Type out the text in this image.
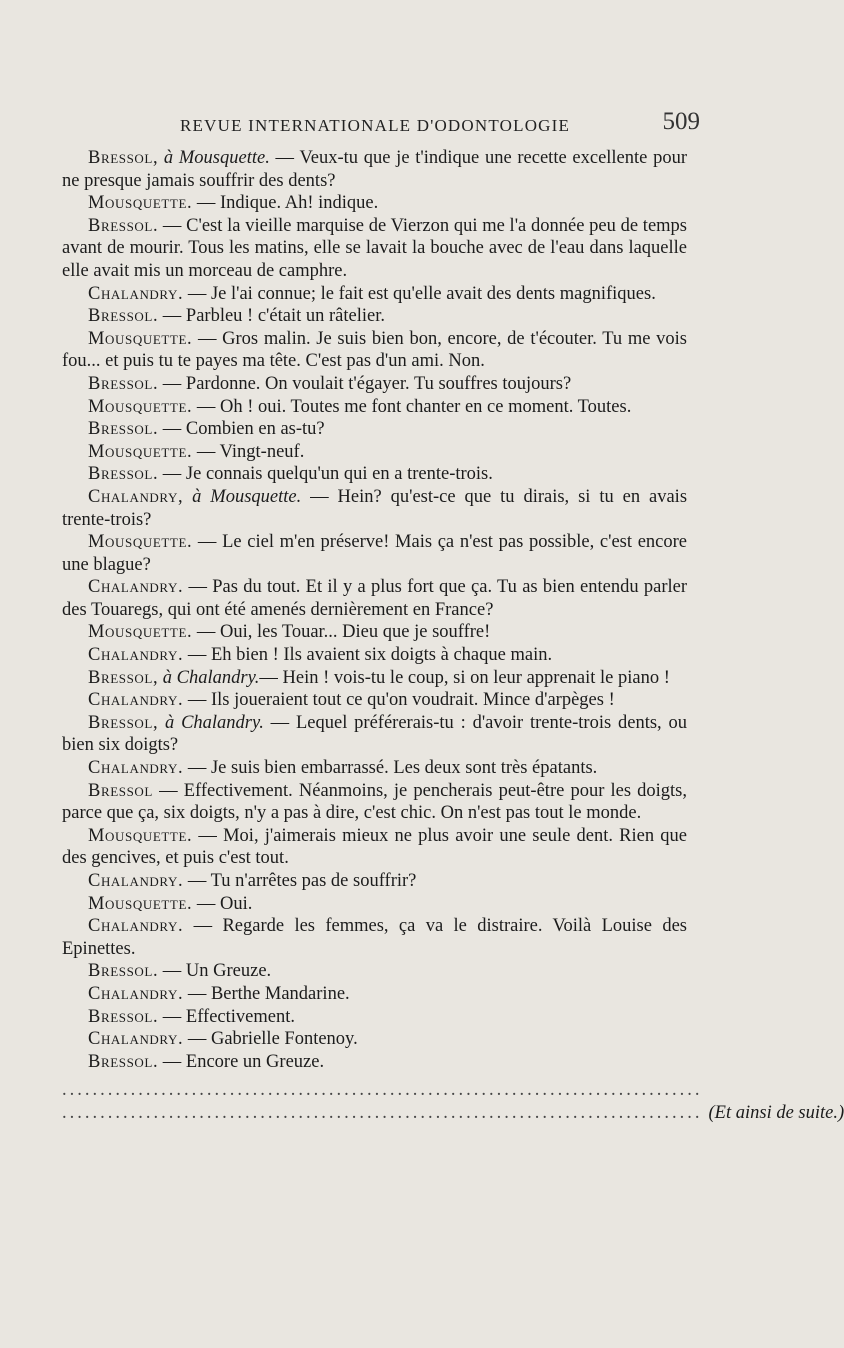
REVUE INTERNATIONALE D'ODONTOLOGIE	509

Bressol, à Mousquette. — Veux-tu que je t'indique une recette excellente pour ne presque jamais souffrir des dents?

Mousquette. — Indique. Ah! indique.

Bressol. — C'est la vieille marquise de Vierzon qui me l'a donnée peu de temps avant de mourir. Tous les matins, elle se lavait la bouche avec de l'eau dans laquelle elle avait mis un morceau de camphre.

Chalandry. — Je l'ai connue; le fait est qu'elle avait des dents magnifiques.

Bressol. — Parbleu ! c'était un râtelier.

Mousquette. — Gros malin. Je suis bien bon, encore, de t'écouter. Tu me vois fou... et puis tu te payes ma tête. C'est pas d'un ami. Non.

Bressol. — Pardonne. On voulait t'égayer. Tu souffres toujours?

Mousquette. — Oh ! oui. Toutes me font chanter en ce moment. Toutes.

Bressol. — Combien en as-tu?

Mousquette. — Vingt-neuf.

Bressol. — Je connais quelqu'un qui en a trente-trois.

Chalandry, à Mousquette. — Hein? qu'est-ce que tu dirais, si tu en avais trente-trois?

Mousquette. — Le ciel m'en préserve! Mais ça n'est pas possible, c'est encore une blague?

Chalandry. — Pas du tout. Et il y a plus fort que ça. Tu as bien entendu parler des Touaregs, qui ont été amenés dernièrement en France?

Mousquette. — Oui, les Touar... Dieu que je souffre!

Chalandry. — Eh bien ! Ils avaient six doigts à chaque main.

Bressol, à Chalandry.— Hein ! vois-tu le coup, si on leur apprenait le piano !

Chalandry. — Ils joueraient tout ce qu'on voudrait. Mince d'arpèges !

Bressol, à Chalandry. — Lequel préférerais-tu : d'avoir trente-trois dents, ou bien six doigts?

Chalandry. — Je suis bien embarrassé. Les deux sont très épatants.

Bressol — Effectivement. Néanmoins, je pencherais peut-être pour les doigts, parce que ça, six doigts, n'y a pas à dire, c'est chic. On n'est pas tout le monde.

Mousquette. — Moi, j'aimerais mieux ne plus avoir une seule dent. Rien que des gencives, et puis c'est tout.

Chalandry. — Tu n'arrêtes pas de souffrir?

Mousquette. — Oui.

Chalandry. — Regarde les femmes, ça va le distraire. Voilà Louise des Epinettes.

Bressol. — Un Greuze.

Chalandry. — Berthe Mandarine.

Bressol. — Effectivement.

Chalandry. — Gabrielle Fontenoy.

Bressol. — Encore un Greuze.

....................................................................................
.................................................................................... (Et ainsi de suite.)
